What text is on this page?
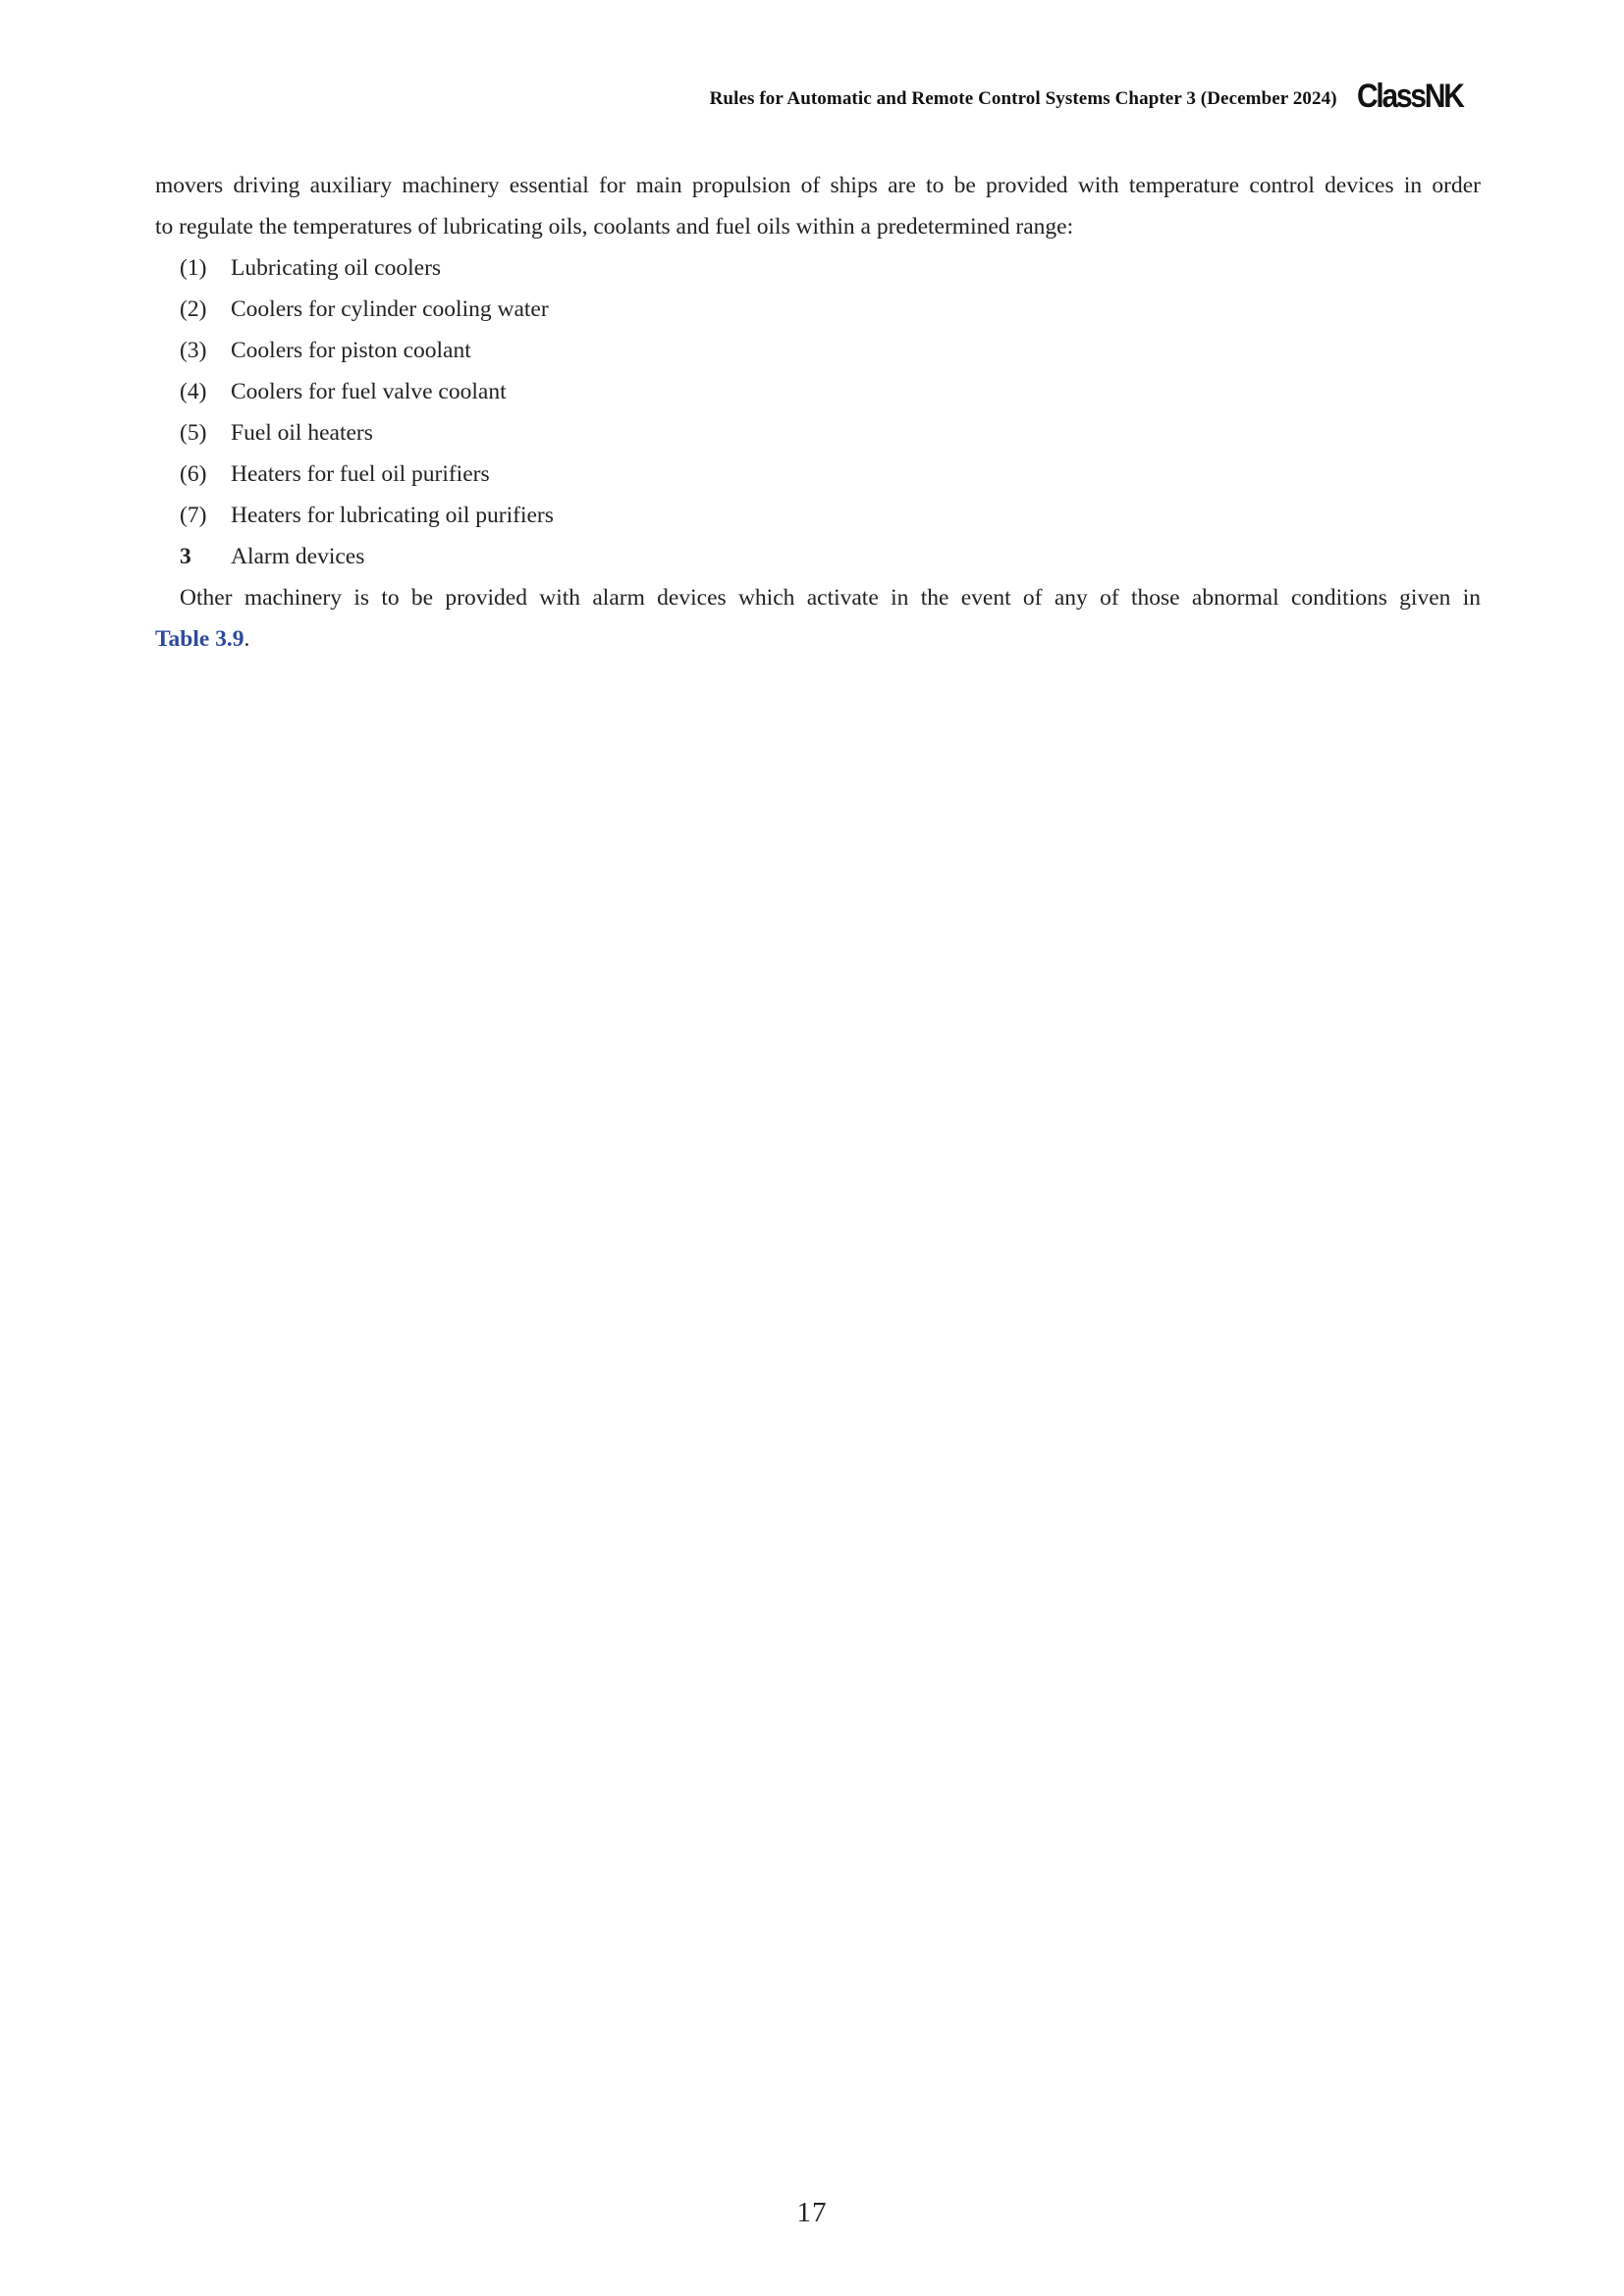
Rules for Automatic and Remote Control Systems Chapter 3 (December 2024) ClassNK

movers driving auxiliary machinery essential for main propulsion of ships are to be provided with temperature control devices in order

to regulate the temperatures of lubricating oils, coolants and fuel oils within a predetermined range:

(1)	Lubricating oil coolers
(2)	Coolers for cylinder cooling water
(3)	Coolers for piston coolant
(4)	Coolers for fuel valve coolant
(5)	Fuel oil heaters
(6)	Heaters for fuel oil purifiers
(7)	Heaters for lubricating oil purifiers
3	Alarm devices

Other machinery is to be provided with alarm devices which activate in the event of any of those abnormal conditions given in

Table 3.9.

17
